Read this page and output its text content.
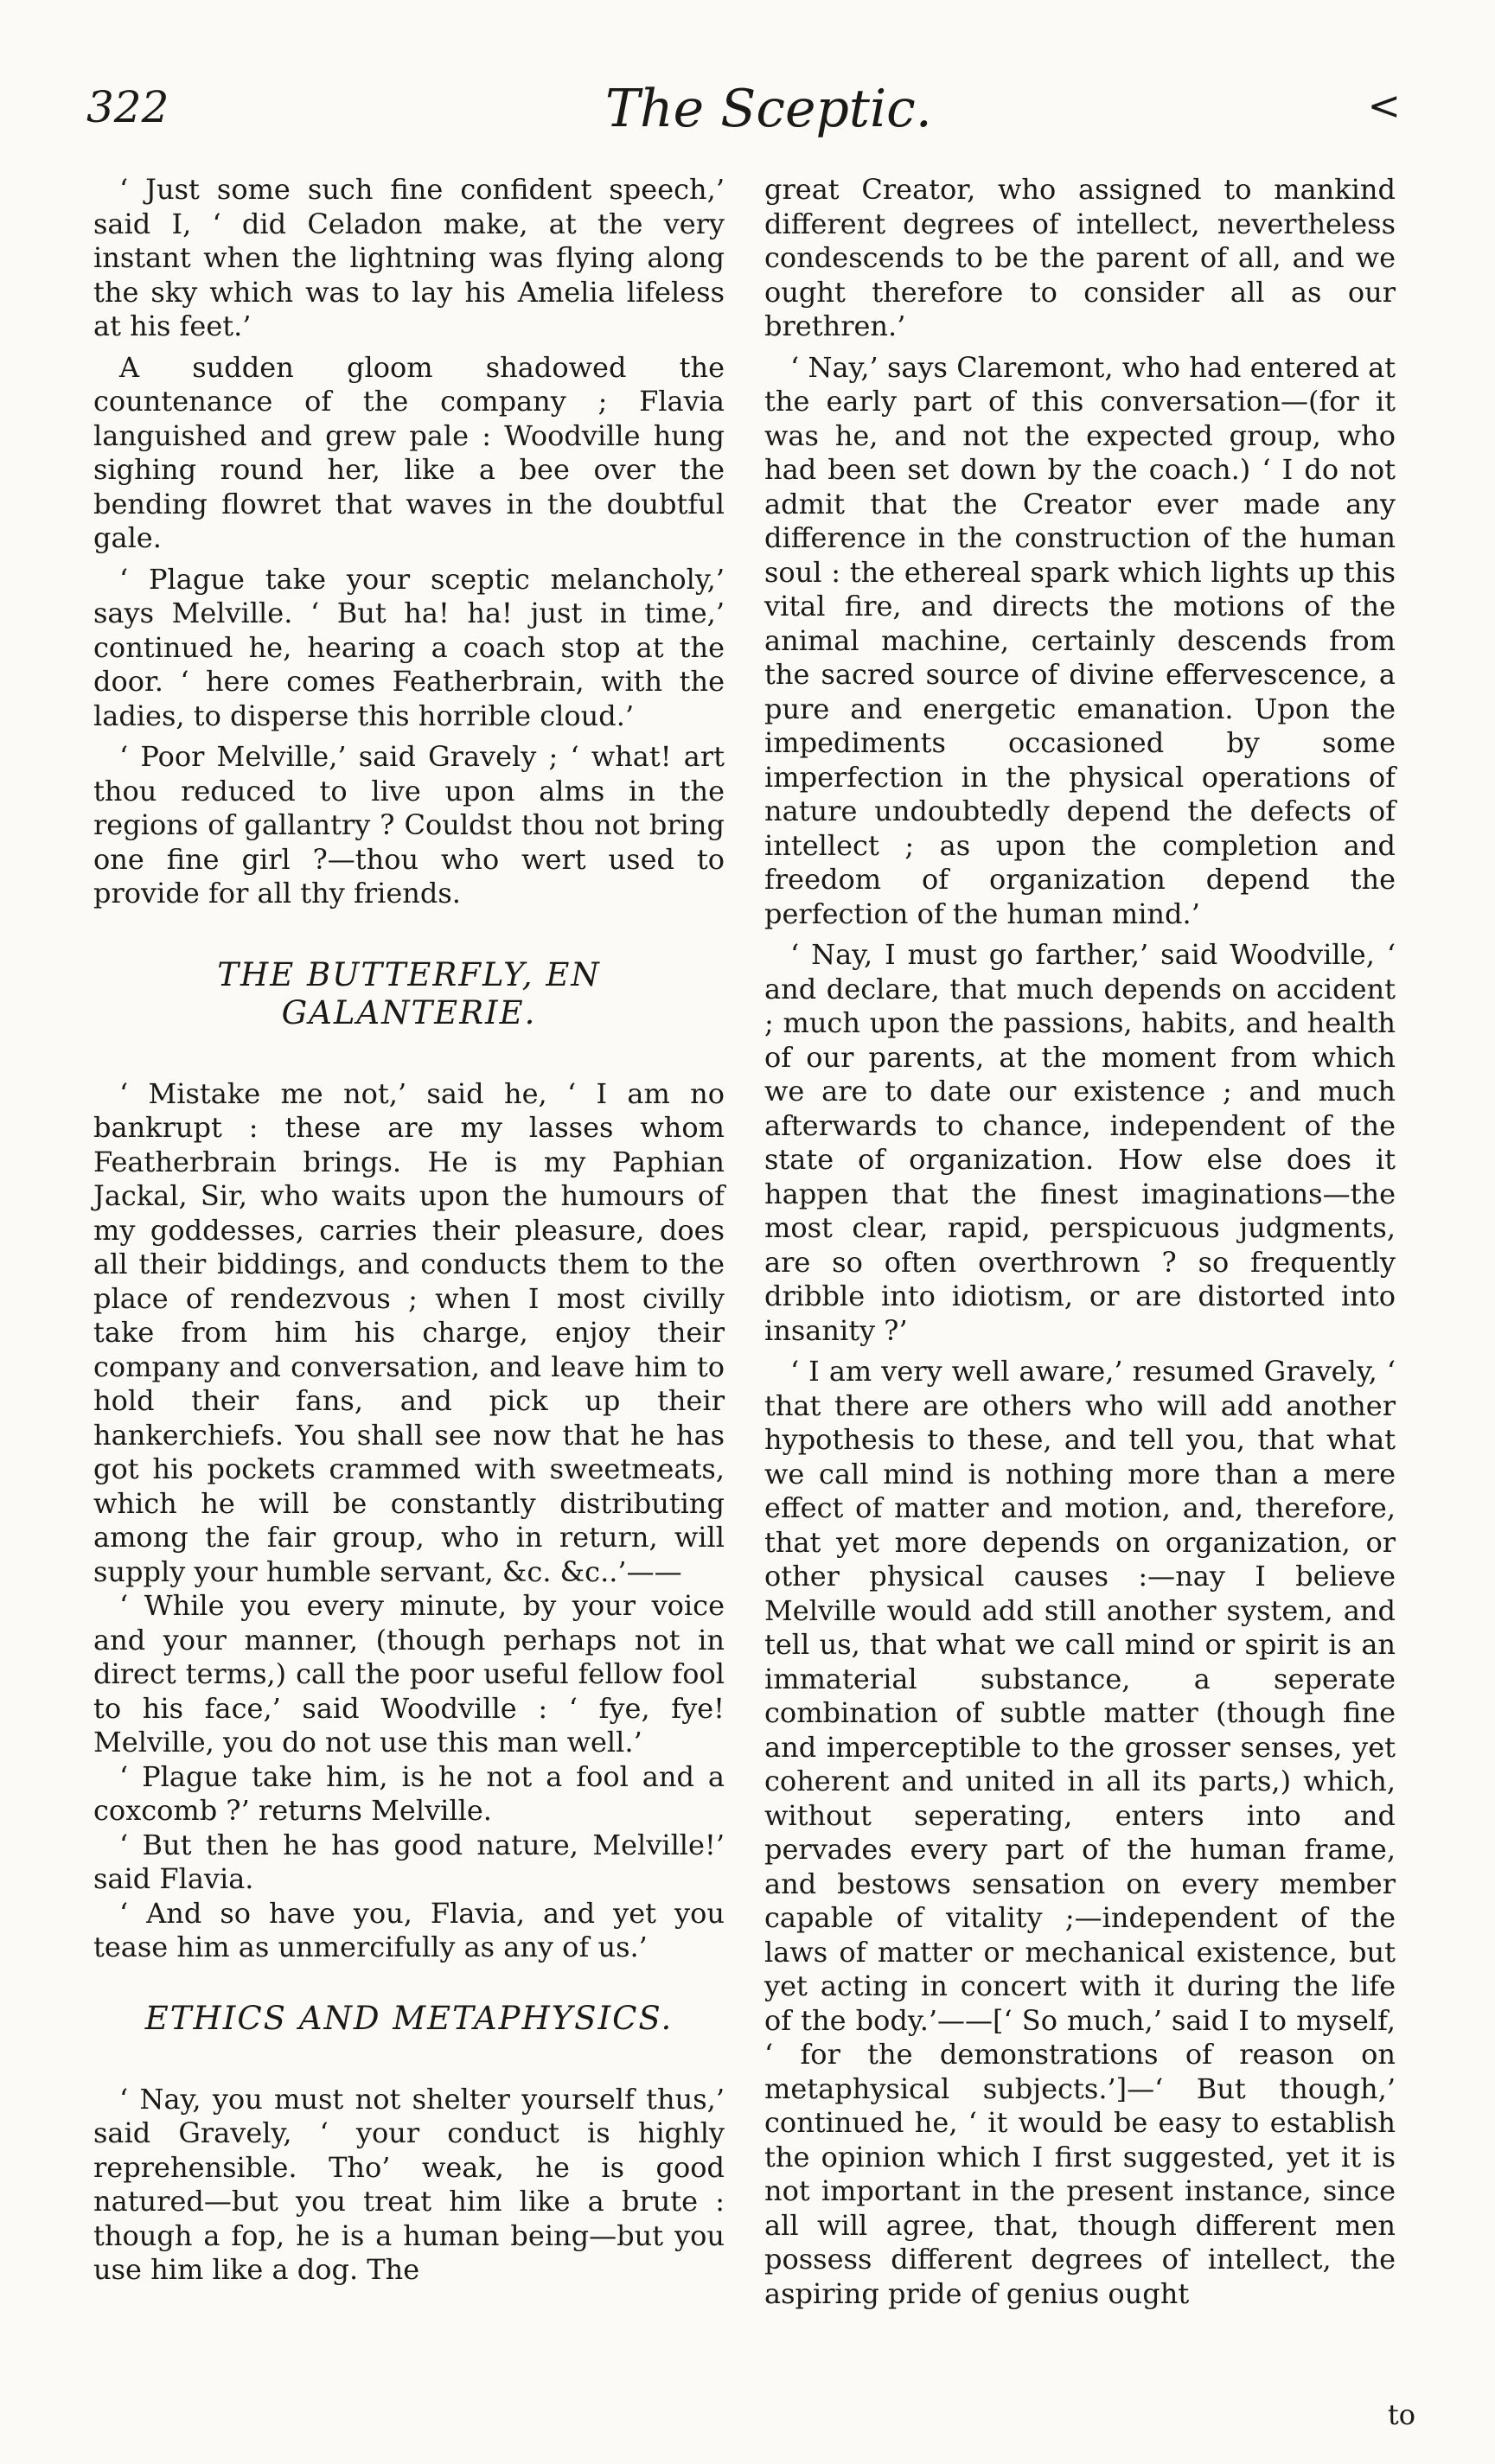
322	The Sceptic.	<

‘ Just some such fine confident speech,’ said I, ‘ did Celadon make, at the very instant when the lightning was flying along the sky which was to lay his Amelia lifeless at his feet.’

A sudden gloom shadowed the countenance of the company ; Flavia languished and grew pale : Woodville hung sighing round her, like a bee over the bending flowret that waves in the doubtful gale.

‘ Plague take your sceptic melancholy,’ says Melville. ‘ But ha! ha! just in time,’ continued he, hearing a coach stop at the door. ‘ here comes Featherbrain, with the ladies, to disperse this horrible cloud.’

‘ Poor Melville,’ said Gravely ; ‘ what! art thou reduced to live upon alms in the regions of gallantry ? Couldst thou not bring one fine girl ?—thou who wert used to provide for all thy friends.

THE BUTTERFLY, EN GALANTERIE.

‘ Mistake me not,’ said he, ‘ I am no bankrupt : these are my lasses whom Featherbrain brings. He is my Paphian Jackal, Sir, who waits upon the humours of my goddesses, carries their pleasure, does all their biddings, and conducts them to the place of rendezvous ; when I most civilly take from him his charge, enjoy their company and conversation, and leave him to hold their fans, and pick up their hankerchiefs. You shall see now that he has got his pockets crammed with sweetmeats, which he will be constantly distributing among the fair group, who in return, will supply your humble servant, &c. &c..’——

‘ While you every minute, by your voice and your manner, (though perhaps not in direct terms,) call the poor useful fellow fool to his face,’ said Woodville : ‘ fye, fye! Melville, you do not use this man well.’

‘ Plague take him, is he not a fool and a coxcomb ?’ returns Melville.

‘ But then he has good nature, Melville!’ said Flavia.

‘ And so have you, Flavia, and yet you tease him as unmercifully as any of us.’

ETHICS AND METAPHYSICS.

‘ Nay, you must not shelter yourself thus,’ said Gravely, ‘ your conduct is highly reprehensible. Tho’ weak, he is good natured—but you treat him like a brute : though a fop, he is a human being—but you use him like a dog. The

great Creator, who assigned to mankind different degrees of intellect, nevertheless condescends to be the parent of all, and we ought therefore to consider all as our brethren.’

‘ Nay,’ says Claremont, who had entered at the early part of this conversation—(for it was he, and not the expected group, who had been set down by the coach.) ‘ I do not admit that the Creator ever made any difference in the construction of the human soul : the ethereal spark which lights up this vital fire, and directs the motions of the animal machine, certainly descends from the sacred source of divine effervescence, a pure and energetic emanation. Upon the impediments occasioned by some imperfection in the physical operations of nature undoubtedly depend the defects of intellect ; as upon the completion and freedom of organization depend the perfection of the human mind.’

‘ Nay, I must go farther,’ said Woodville, ‘ and declare, that much depends on accident ; much upon the passions, habits, and health of our parents, at the moment from which we are to date our existence ; and much afterwards to chance, independent of the state of organization. How else does it happen that the finest imaginations—the most clear, rapid, perspicuous judgments, are so often overthrown ? so frequently dribble into idiotism, or are distorted into insanity ?’

‘ I am very well aware,’ resumed Gravely, ‘ that there are others who will add another hypothesis to these, and tell you, that what we call mind is nothing more than a mere effect of matter and motion, and, therefore, that yet more depends on organization, or other physical causes :—nay I believe Melville would add still another system, and tell us, that what we call mind or spirit is an immaterial substance, a seperate combination of subtle matter (though fine and imperceptible to the grosser senses, yet coherent and united in all its parts,) which, without seperating, enters into and pervades every part of the human frame, and bestows sensation on every member capable of vitality ;—independent of the laws of matter or mechanical existence, but yet acting in concert with it during the life of the body.’——[‘ So much,’ said I to myself, ‘ for the demonstrations of reason on metaphysical subjects.’]—‘ But though,’ continued he, ‘ it would be easy to establish the opinion which I first suggested, yet it is not important in the present instance, since all will agree, that, though different men possess different degrees of intellect, the aspiring pride of genius ought

to
